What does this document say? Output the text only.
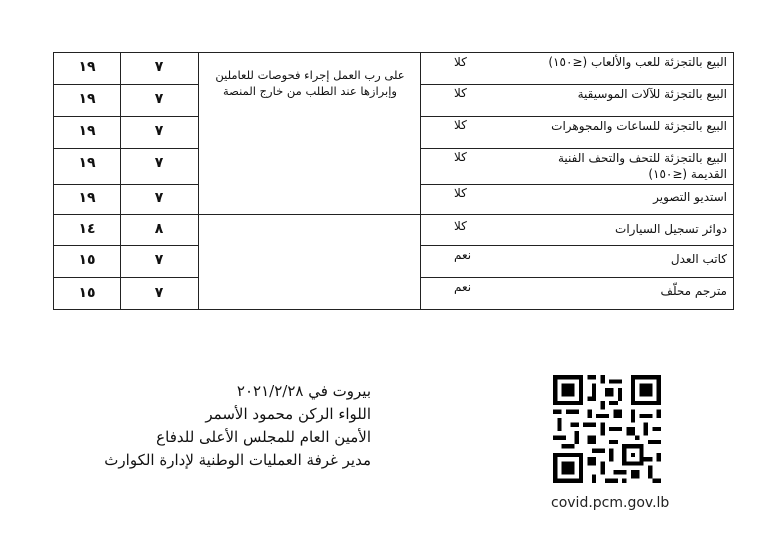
على رب العمل إجراء فحوصات للعاملين وإبرازها عند الطلب من خارج المنصة
١٩	٧	كلا	البيع بالتجزئة للعب والألعاب (≤١٥٠)
١٩	٧	كلا	البيع بالتجزئة للآلات الموسيقية
١٩	٧	كلا	البيع بالتجزئة للساعات والمجوهرات
١٩	٧	كلا	البيع بالتجزئة للتحف والتحف الفنية القديمة (≤١٥٠)
١٩	٧	كلا	استديو التصوير
١٤	٨	كلا	دوائر تسجيل السيارات
١٥	٧	نعم	كاتب العدل
١٥	٧	نعم	مترجم محلّف
بيروت في ٢٠٢١/٢/٢٨
اللواء الركن محمود الأسمر
الأمين العام للمجلس الأعلى للدفاع
مدير غرفة العمليات الوطنية لإدارة الكوارث
covid.pcm.gov.lb
